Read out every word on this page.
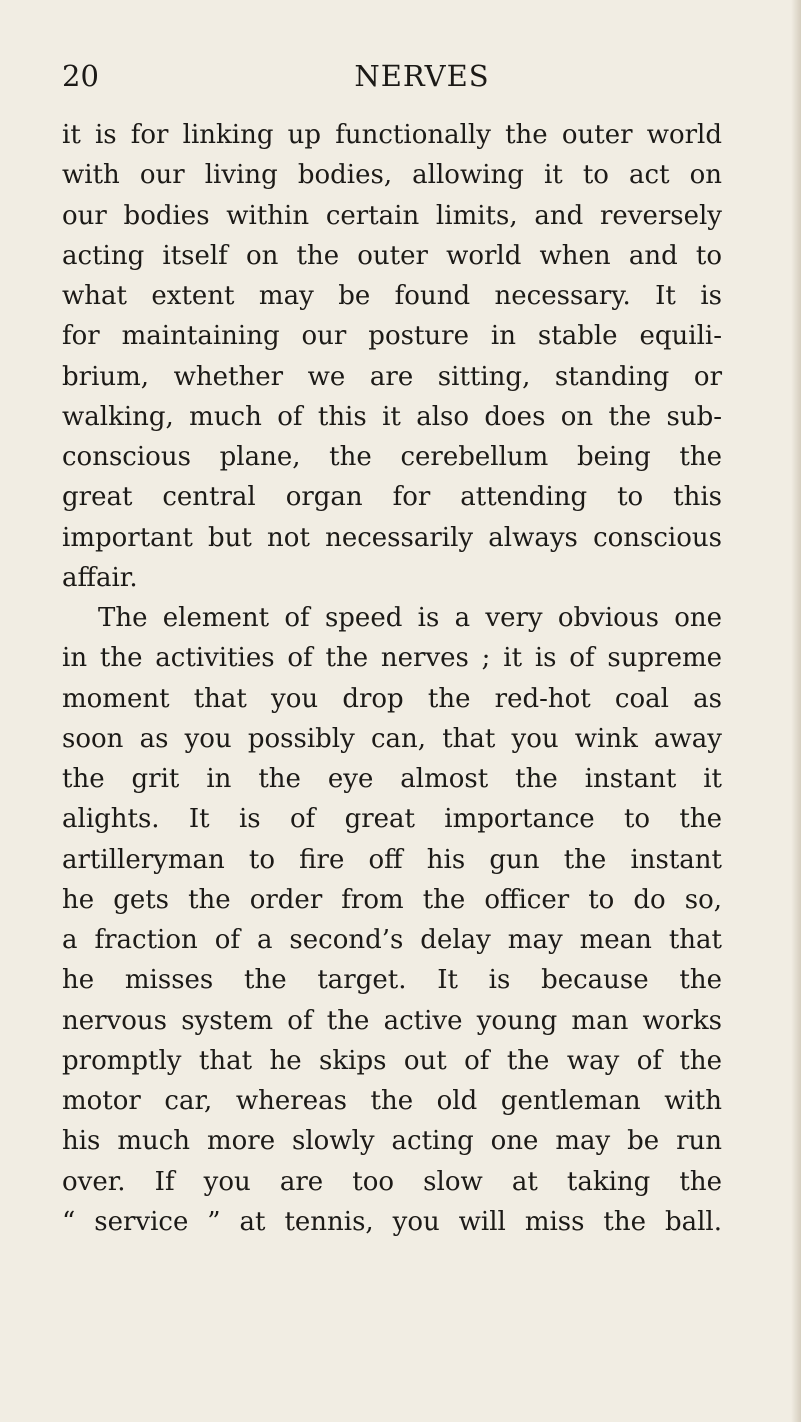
20	NERVES
it is for linking up functionally the outer world
with our living bodies, allowing it to act on
our bodies within certain limits, and reversely
acting itself on the outer world when and to
what extent may be found necessary. It is
for maintaining our posture in stable equili-
brium, whether we are sitting, standing or
walking, much of this it also does on the sub-
conscious plane, the cerebellum being the
great central organ for attending to this
important but not necessarily always conscious
affair.
The element of speed is a very obvious one
in the activities of the nerves ; it is of supreme
moment that you drop the red-hot coal as
soon as you possibly can, that you wink away
the grit in the eye almost the instant it
alights. It is of great importance to the
artilleryman to fire off his gun the instant
he gets the order from the officer to do so,
a fraction of a second’s delay may mean that
he misses the target. It is because the
nervous system of the active young man works
promptly that he skips out of the way of the
motor car, whereas the old gentleman with
his much more slowly acting one may be run
over. If you are too slow at taking the
“ service ” at tennis, you will miss the ball.
